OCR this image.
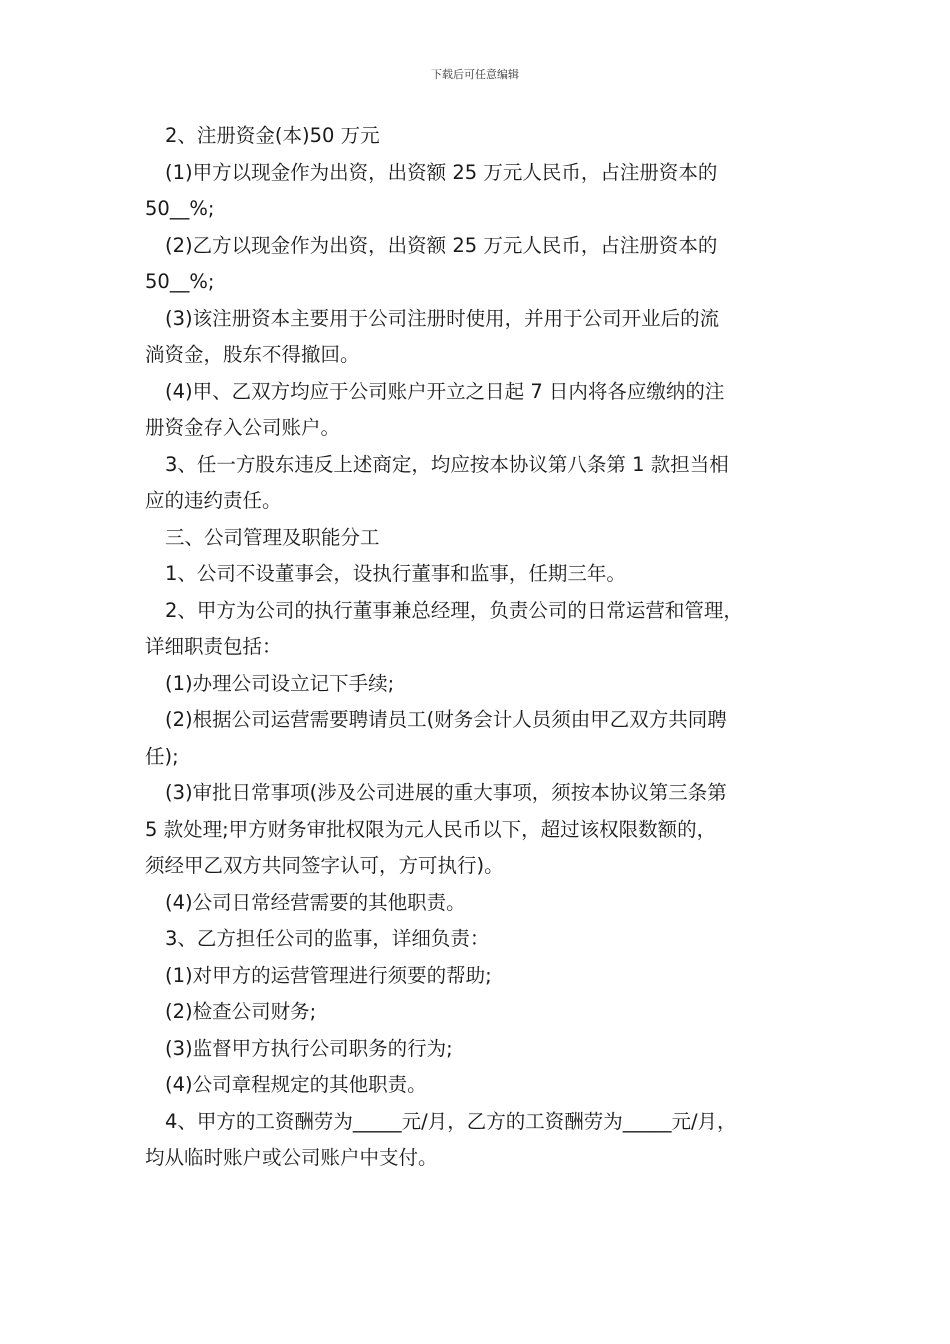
下载后可任意编辑

2、注册资金(本)50 万元

(1)甲方以现金作为出资，出资额 25 万元人民币，占注册资本的
50__%;

(2)乙方以现金作为出资，出资额 25 万元人民币，占注册资本的
50__%;

(3)该注册资本主要用于公司注册时使用，并用于公司开业后的流
淌资金，股东不得撤回。

(4)甲、乙双方均应于公司账户开立之日起 7 日内将各应缴纳的注
册资金存入公司账户。

3、任一方股东违反上述商定，均应按本协议第八条第 1 款担当相
应的违约责任。

三、公司管理及职能分工

1、公司不设董事会，设执行董事和监事，任期三年。

2、甲方为公司的执行董事兼总经理，负责公司的日常运营和管理，
详细职责包括：

(1)办理公司设立记下手续;

(2)根据公司运营需要聘请员工(财务会计人员须由甲乙双方共同聘
任);

(3)审批日常事项(涉及公司进展的重大事项，须按本协议第三条第
5 款处理;甲方财务审批权限为元人民币以下，超过该权限数额的，
须经甲乙双方共同签字认可，方可执行)。

(4)公司日常经营需要的其他职责。

3、乙方担任公司的监事，详细负责：

(1)对甲方的运营管理进行须要的帮助;

(2)检查公司财务;

(3)监督甲方执行公司职务的行为;

(4)公司章程规定的其他职责。

4、甲方的工资酬劳为_____元/月，乙方的工资酬劳为_____元/月，
均从临时账户或公司账户中支付。
